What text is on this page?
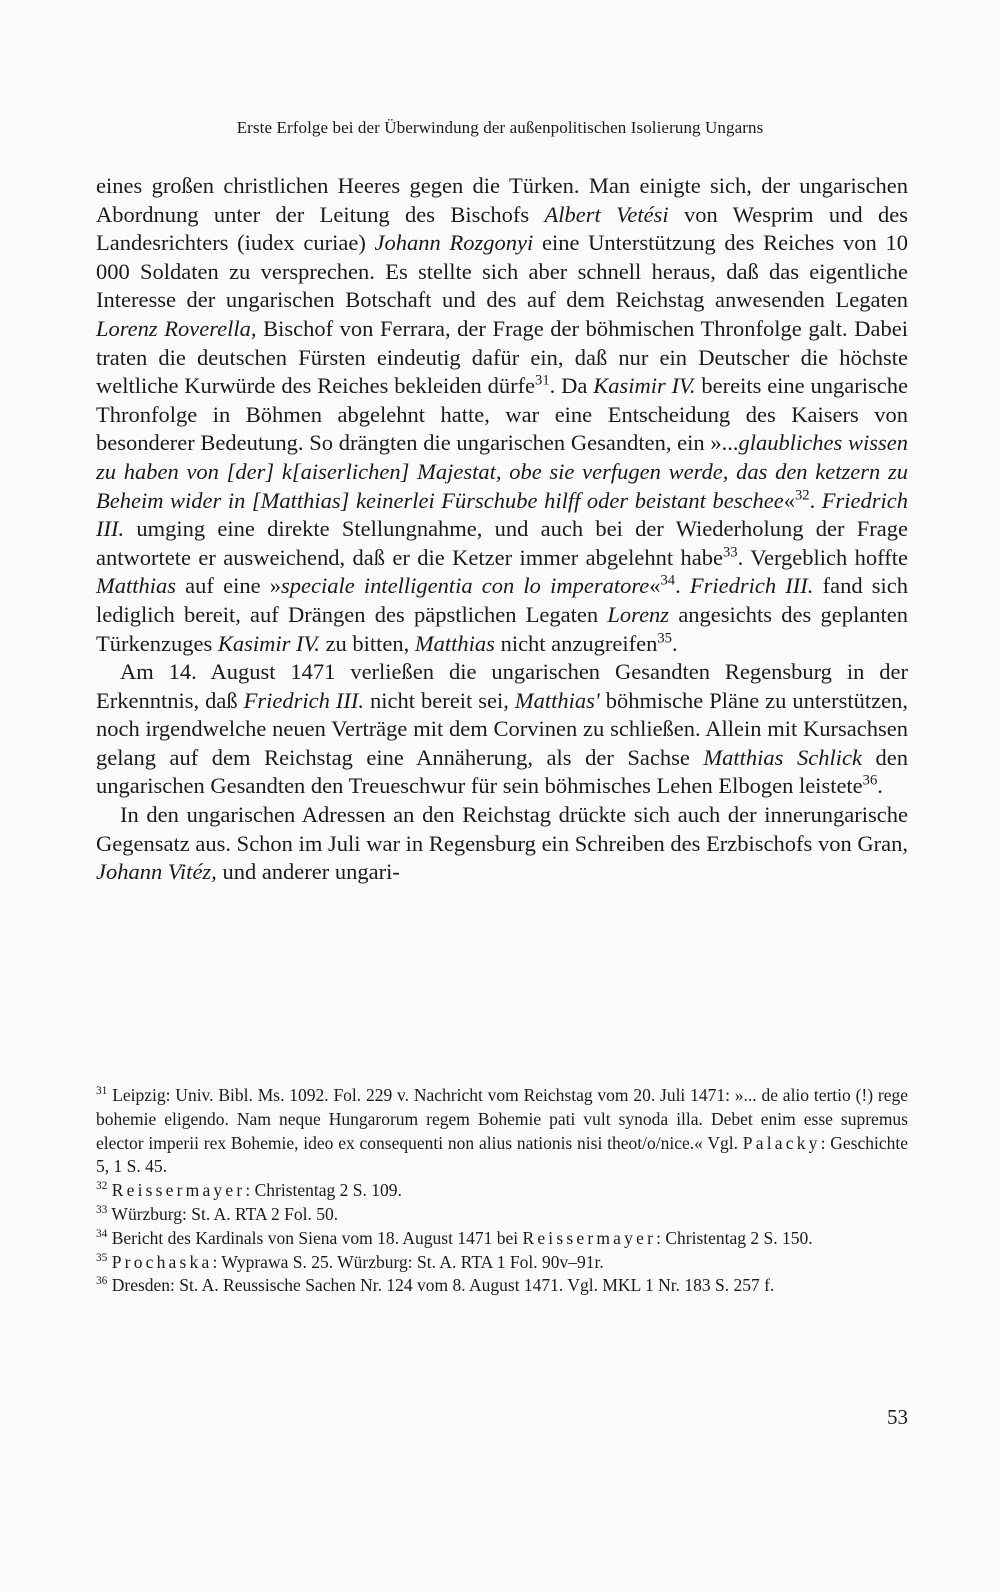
Erste Erfolge bei der Überwindung der außenpolitischen Isolierung Ungarns

eines großen christlichen Heeres gegen die Türken. Man einigte sich, der ungarischen Abordnung unter der Leitung des Bischofs Albert Vetési von Wesprim und des Landesrichters (iudex curiae) Johann Rozgonyi eine Unterstützung des Reiches von 10 000 Soldaten zu versprechen. Es stellte sich aber schnell heraus, daß das eigentliche Interesse der ungarischen Botschaft und des auf dem Reichstag anwesenden Legaten Lorenz Roverella, Bischof von Ferrara, der Frage der böhmischen Thronfolge galt. Dabei traten die deutschen Fürsten eindeutig dafür ein, daß nur ein Deutscher die höchste weltliche Kurwürde des Reiches bekleiden dürfe$^{31}$. Da Kasimir IV. bereits eine ungarische Thronfolge in Böhmen abgelehnt hatte, war eine Entscheidung des Kaisers von besonderer Bedeutung. So drängten die ungarischen Gesandten, ein »...glaubliches wissen zu haben von [der] k[aiserlichen] Majestat, obe sie verfugen werde, das den ketzern zu Beheim wider in [Matthias] keinerlei Fürschube hilff oder beistant beschee«$^{32}$. Friedrich III. umging eine direkte Stellungnahme, und auch bei der Wiederholung der Frage antwortete er ausweichend, daß er die Ketzer immer abgelehnt habe$^{33}$. Vergeblich hoffte Matthias auf eine »speciale intelligentia con lo imperatore«$^{34}$. Friedrich III. fand sich lediglich bereit, auf Drängen des päpstlichen Legaten Lorenz angesichts des geplanten Türkenzuges Kasimir IV. zu bitten, Matthias nicht anzugreifen$^{35}$.

Am 14. August 1471 verließen die ungarischen Gesandten Regensburg in der Erkenntnis, daß Friedrich III. nicht bereit sei, Matthias' böhmische Pläne zu unterstützen, noch irgendwelche neuen Verträge mit dem Corvinen zu schließen. Allein mit Kursachsen gelang auf dem Reichstag eine Annäherung, als der Sachse Matthias Schlick den ungarischen Gesandten den Treueschwur für sein böhmisches Lehen Elbogen leistete$^{36}$.

In den ungarischen Adressen an den Reichstag drückte sich auch der innerungarische Gegensatz aus. Schon im Juli war in Regensburg ein Schreiben des Erzbischofs von Gran, Johann Vitéz, und anderer ungari-

$^{31}$ Leipzig: Univ. Bibl. Ms. 1092. Fol. 229 v. Nachricht vom Reichstag vom 20. Juli 1471: »... de alio tertio (!) rege bohemie eligendo. Nam neque Hungarorum regem Bohemie pati vult synoda illa. Debet enim esse supremus elector imperii rex Bohemie, ideo ex consequenti non alius nationis nisi theot/o/nice.« Vgl. Palacky: Geschichte 5, 1 S. 45.

$^{32}$ Reissermayer: Christentag 2 S. 109.

$^{33}$ Würzburg: St. A. RTA 2 Fol. 50.

$^{34}$ Bericht des Kardinals von Siena vom 18. August 1471 bei Reissermayer: Christentag 2 S. 150.

$^{35}$ Prochaska: Wyprawa S. 25. Würzburg: St. A. RTA 1 Fol. 90v–91r.

$^{36}$ Dresden: St. A. Reussische Sachen Nr. 124 vom 8. August 1471. Vgl. MKL 1 Nr. 183 S. 257 f.

53
